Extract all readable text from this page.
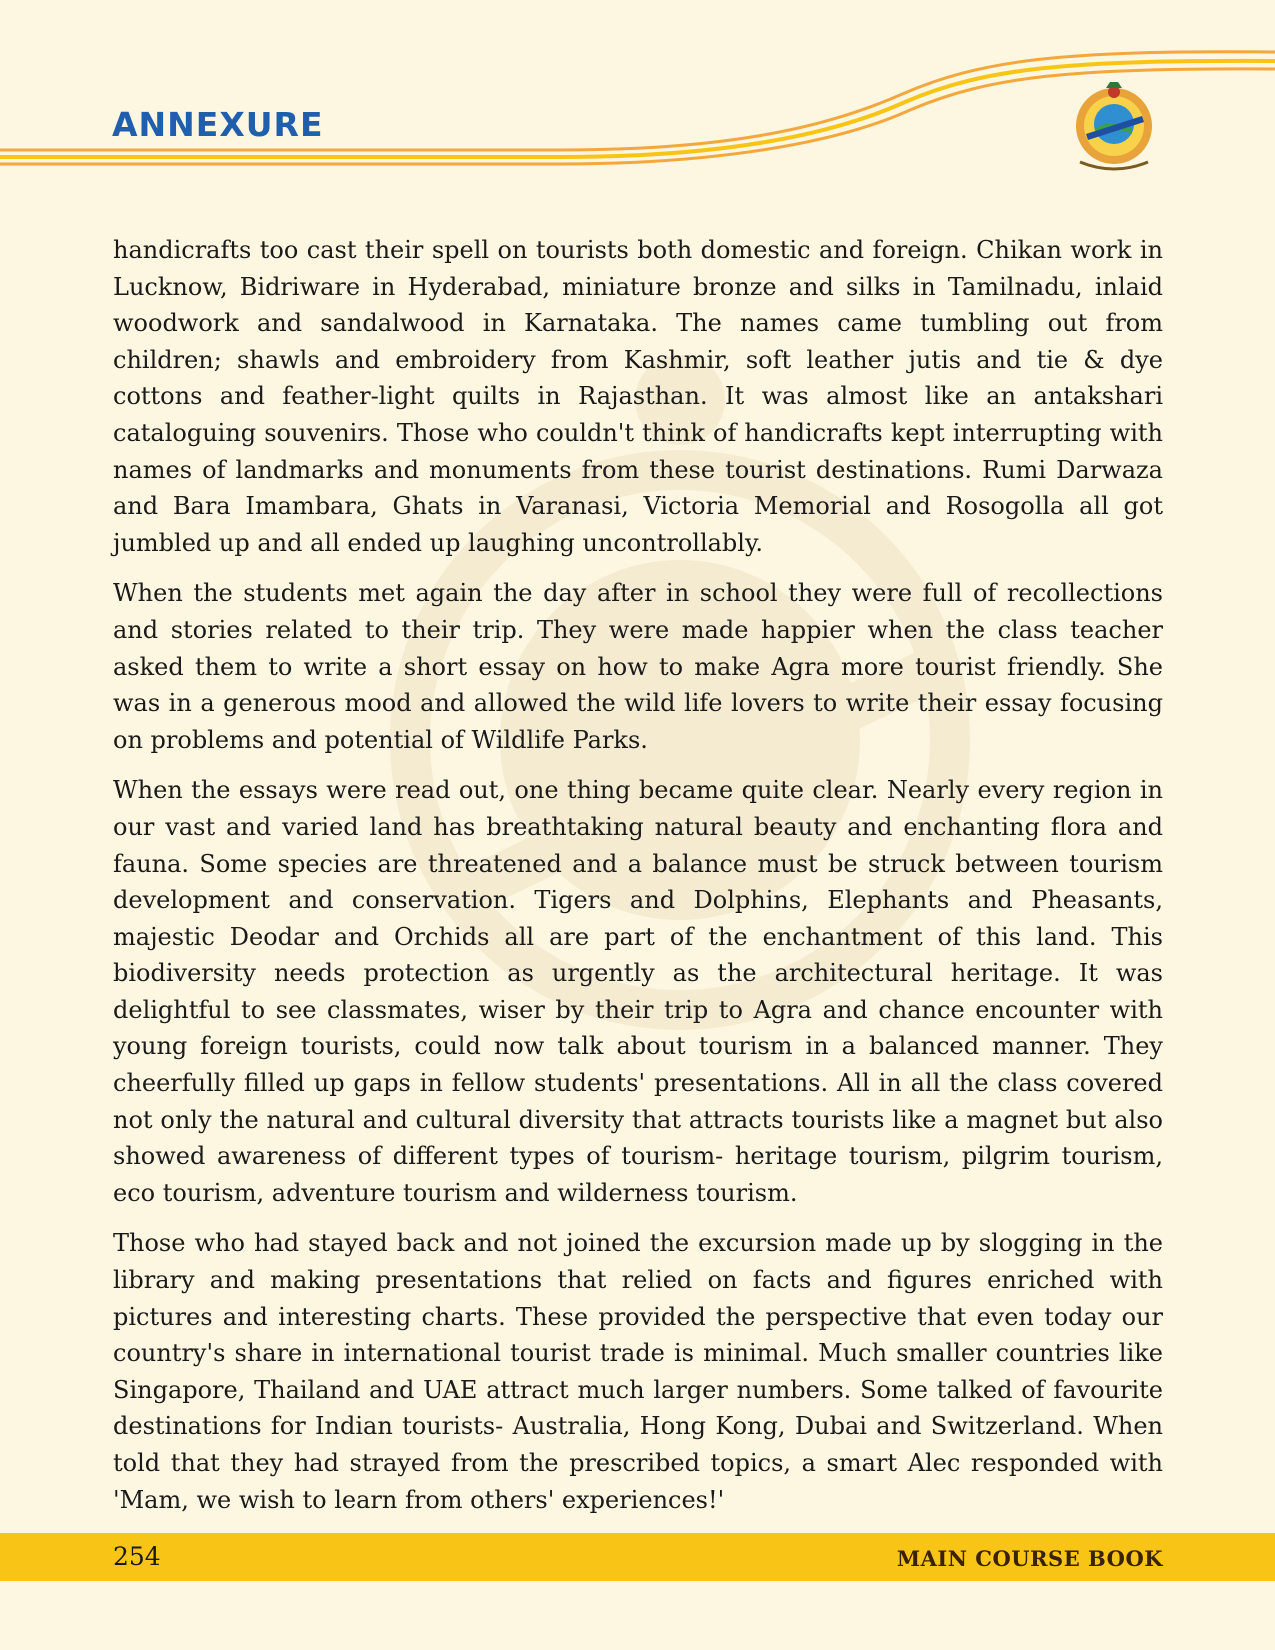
ANNEXURE

handicrafts too cast their spell on tourists both domestic and foreign. Chikan work in Lucknow, Bidriware in Hyderabad, miniature bronze and silks in Tamilnadu, inlaid woodwork and sandalwood in Karnataka. The names came tumbling out from children; shawls and embroidery from Kashmir, soft leather jutis and tie & dye cottons and feather-light quilts in Rajasthan. It was almost like an antakshari cataloguing souvenirs. Those who couldn't think of handicrafts kept interrupting with names of landmarks and monuments from these tourist destinations. Rumi Darwaza and Bara Imambara, Ghats in Varanasi, Victoria Memorial and Rosogolla all got jumbled up and all ended up laughing uncontrollably.

When the students met again the day after in school they were full of recollections and stories related to their trip. They were made happier when the class teacher asked them to write a short essay on how to make Agra more tourist friendly. She was in a generous mood and allowed the wild life lovers to write their essay focusing on problems and potential of Wildlife Parks.

When the essays were read out, one thing became quite clear. Nearly every region in our vast and varied land has breathtaking natural beauty and enchanting flora and fauna. Some species are threatened and a balance must be struck between tourism development and conservation. Tigers and Dolphins, Elephants and Pheasants, majestic Deodar and Orchids all are part of the enchantment of this land. This biodiversity needs protection as urgently as the architectural heritage. It was delightful to see classmates, wiser by their trip to Agra and chance encounter with young foreign tourists, could now talk about tourism in a balanced manner. They cheerfully filled up gaps in fellow students' presentations. All in all the class covered not only the natural and cultural diversity that attracts tourists like a magnet but also showed awareness of different types of tourism- heritage tourism, pilgrim tourism, eco tourism, adventure tourism and wilderness tourism.

Those who had stayed back and not joined the excursion made up by slogging in the library and making presentations that relied on facts and figures enriched with pictures and interesting charts. These provided the perspective that even today our country's share in international tourist trade is minimal. Much smaller countries like Singapore, Thailand and UAE attract much larger numbers. Some talked of favourite destinations for Indian tourists- Australia, Hong Kong, Dubai and Switzerland. When told that they had strayed from the prescribed topics, a smart Alec responded with 'Mam, we wish to learn from others' experiences!'

254	MAIN COURSE BOOK
